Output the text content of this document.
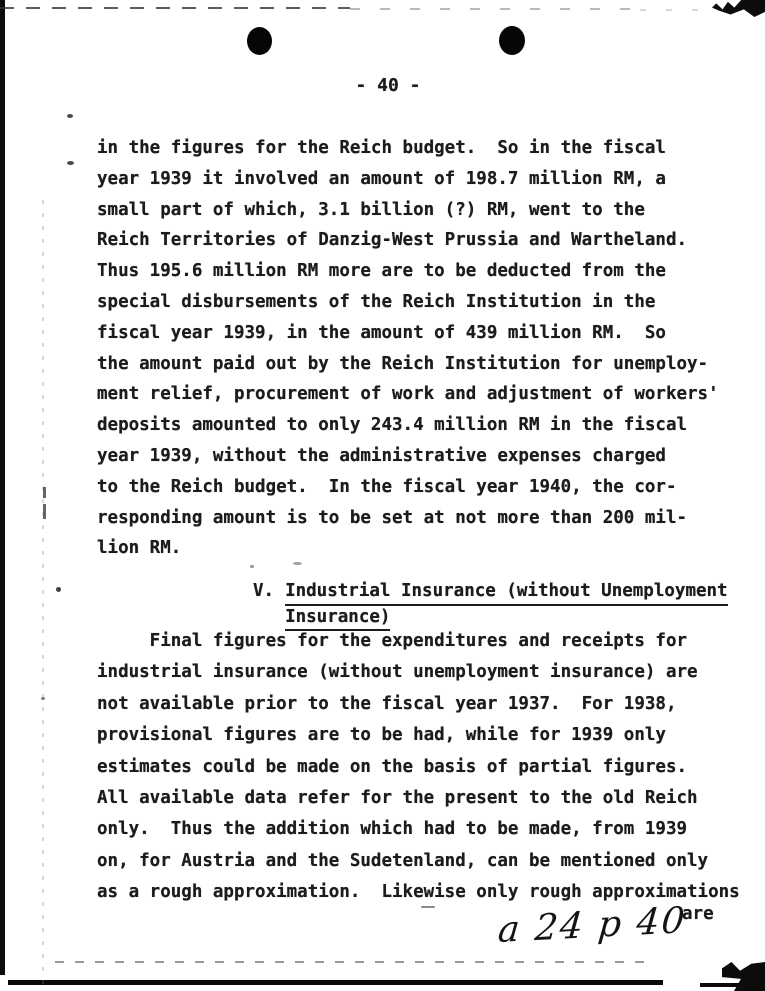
- 40 -
in the figures for the Reich budget.  So in the fiscal
year 1939 it involved an amount of 198.7 million RM, a
small part of which, 3.1 billion (?) RM, went to the
Reich Territories of Danzig-West Prussia and Wartheland.
Thus 195.6 million RM more are to be deducted from the
special disbursements of the Reich Institution in the
fiscal year 1939, in the amount of 439 million RM.  So
the amount paid out by the Reich Institution for unemploy-
ment relief, procurement of work and adjustment of workers'
deposits amounted to only 243.4 million RM in the fiscal
year 1939, without the administrative expenses charged
to the Reich budget.  In the fiscal year 1940, the cor-
responding amount is to be set at not more than 200 mil-
lion RM.
V. Industrial Insurance (without Unemployment
Insurance)
Final figures for the expenditures and receipts for
industrial insurance (without unemployment insurance) are
not available prior to the fiscal year 1937.  For 1938,
provisional figures are to be had, while for 1939 only
estimates could be made on the basis of partial figures.
All available data refer for the present to the old Reich
only.  Thus the addition which had to be made, from 1939
on, for Austria and the Sudetenland, can be mentioned only
as a rough approximation.  Likewise only rough approximations
are
a 24 p 40
